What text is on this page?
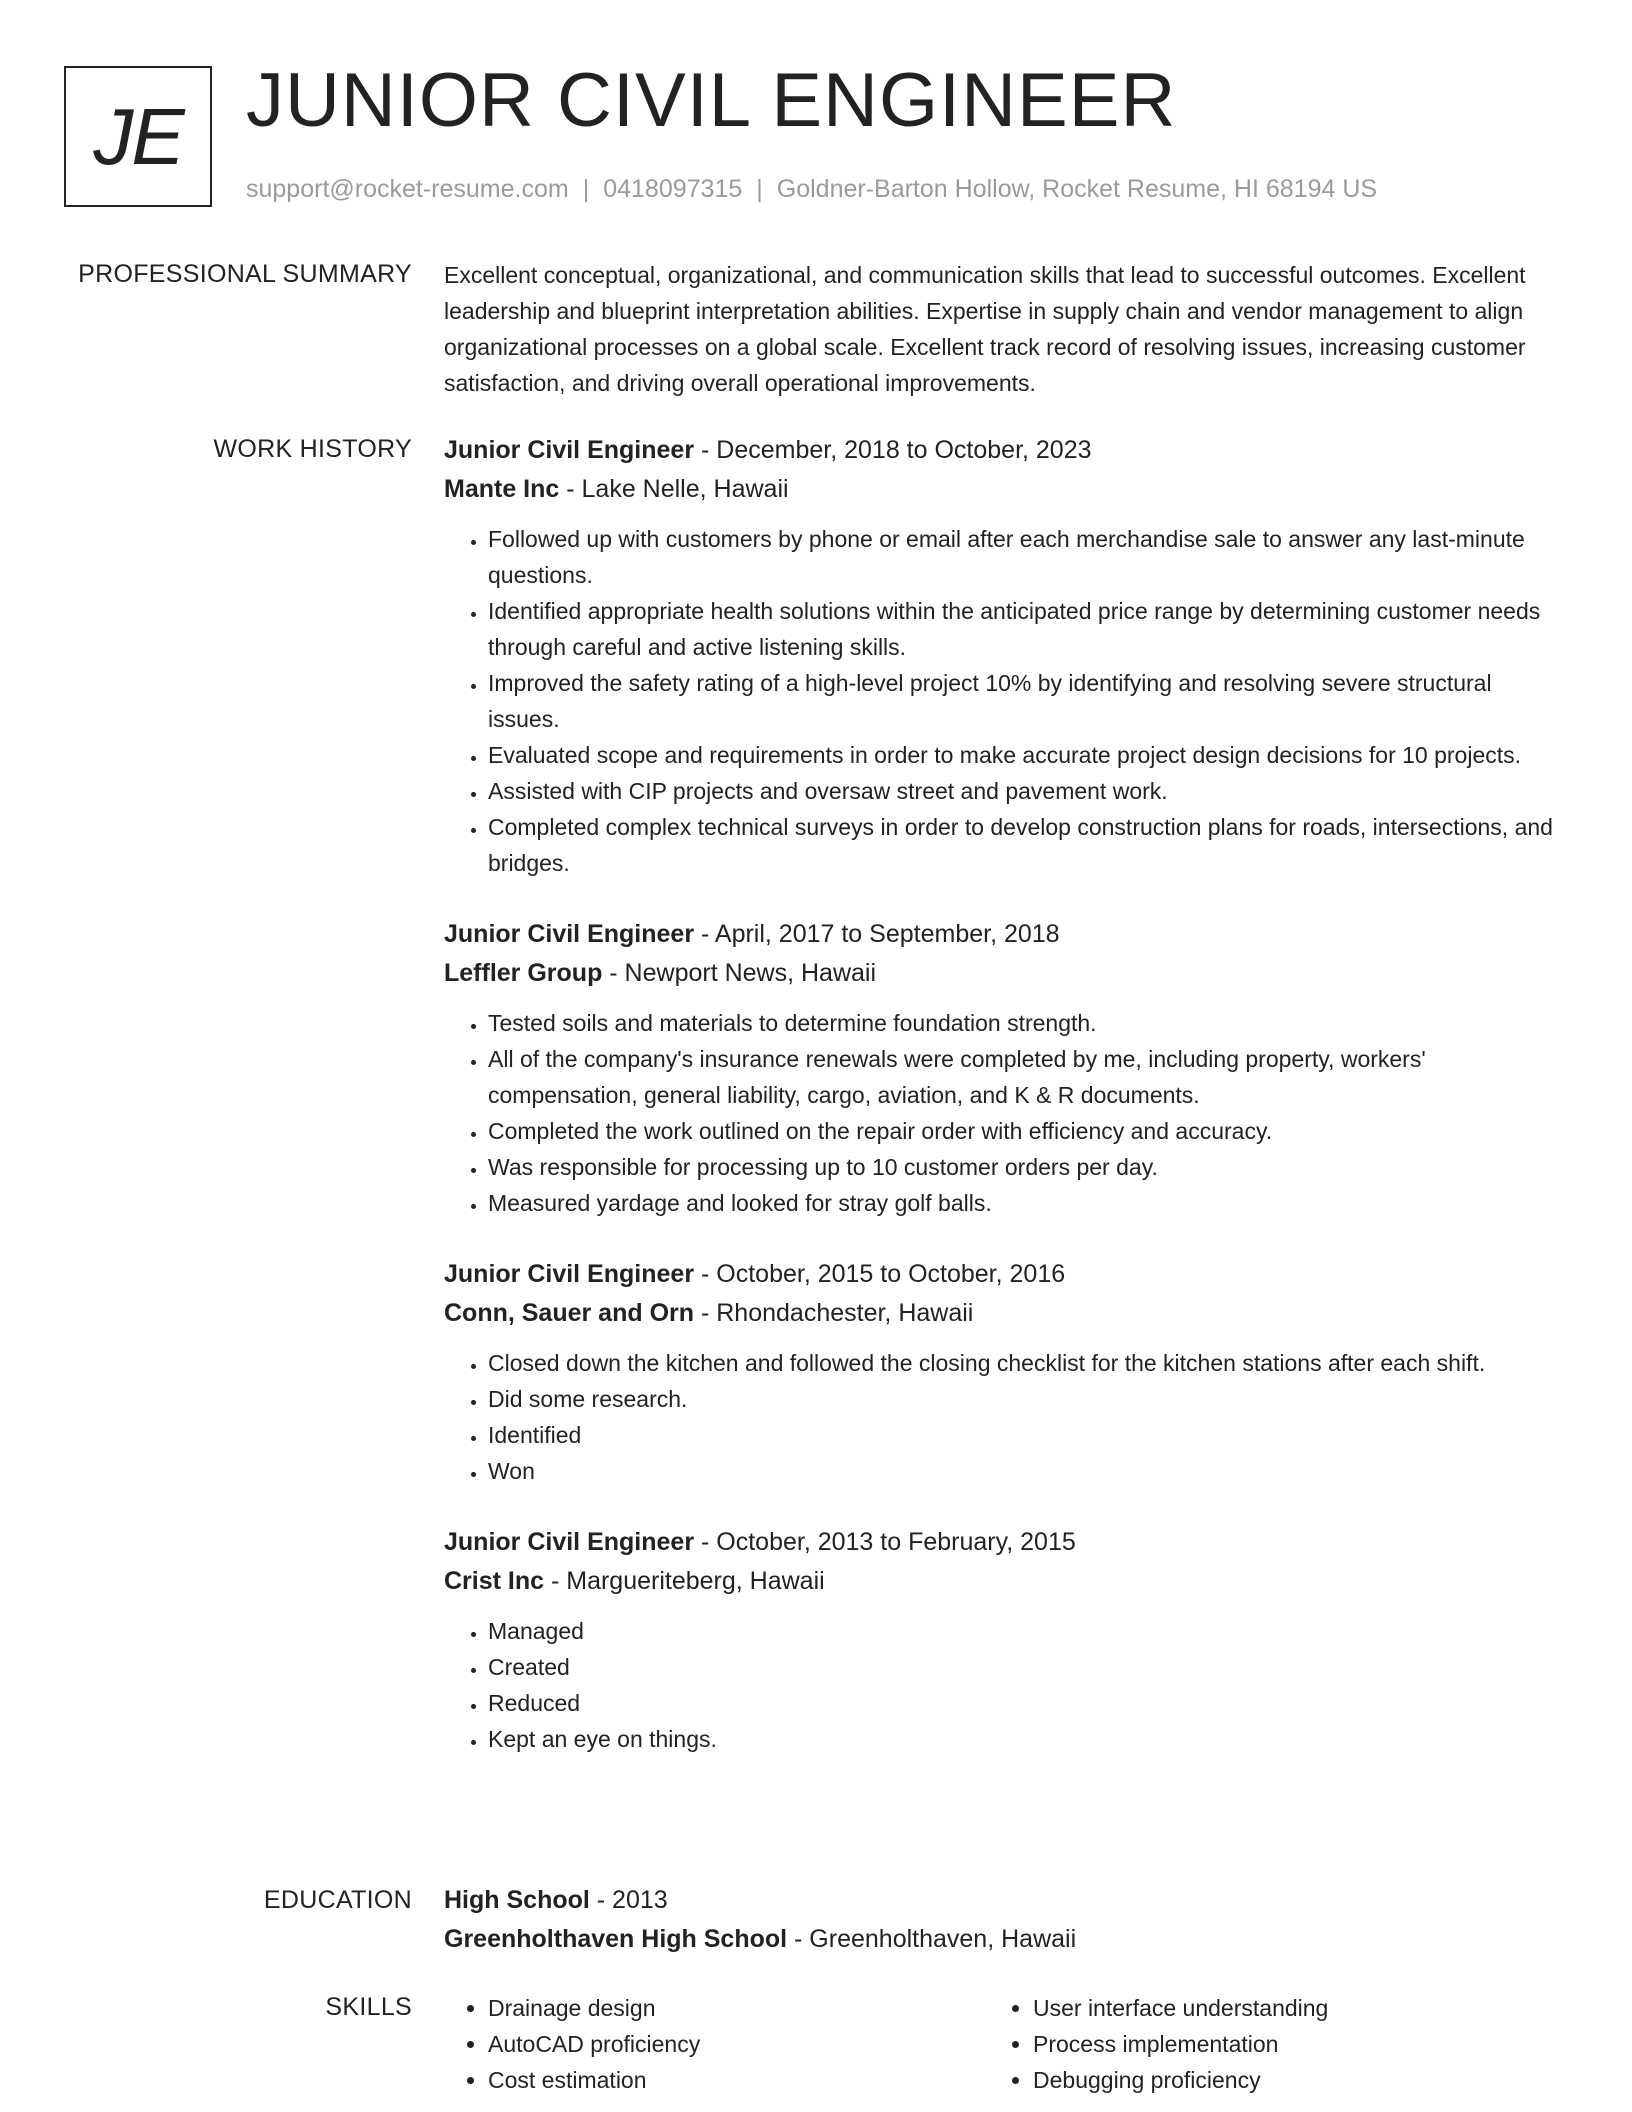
JE JUNIOR CIVIL ENGINEER
support@rocket-resume.com | 0418097315 | Goldner-Barton Hollow, Rocket Resume, HI 68194 US
PROFESSIONAL SUMMARY Excellent conceptual, organizational, and communication skills that lead to successful outcomes. Excellent leadership and blueprint interpretation abilities. Expertise in supply chain and vendor management to align organizational processes on a global scale. Excellent track record of resolving issues, increasing customer satisfaction, and driving overall operational improvements.

WORK HISTORY Junior Civil Engineer - December, 2018 to October, 2023
Mante Inc - Lake Nelle, Hawaii
• Followed up with customers by phone or email after each merchandise sale to answer any last-minute questions.
• Identified appropriate health solutions within the anticipated price range by determining customer needs through careful and active listening skills.
• Improved the safety rating of a high-level project 10% by identifying and resolving severe structural issues.
• Evaluated scope and requirements in order to make accurate project design decisions for 10 projects.
• Assisted with CIP projects and oversaw street and pavement work.
• Completed complex technical surveys in order to develop construction plans for roads, intersections, and bridges.
Junior Civil Engineer - April, 2017 to September, 2018
Leffler Group - Newport News, Hawaii
• Tested soils and materials to determine foundation strength.
• All of the company's insurance renewals were completed by me, including property, workers' compensation, general liability, cargo, aviation, and K & R documents.
• Completed the work outlined on the repair order with efficiency and accuracy.
• Was responsible for processing up to 10 customer orders per day.
• Measured yardage and looked for stray golf balls.
Junior Civil Engineer - October, 2015 to October, 2016
Conn, Sauer and Orn - Rhondachester, Hawaii
• Closed down the kitchen and followed the closing checklist for the kitchen stations after each shift.
• Did some research.
• Identified
• Won
Junior Civil Engineer - October, 2013 to February, 2015
Crist Inc - Margueriteberg, Hawaii
• Managed
• Created
• Reduced
• Kept an eye on things.
EDUCATION High School - 2013
Greenholthaven High School - Greenholthaven, Hawaii
SKILLS
•	Drainage design
• AutoCAD proficiency
• Cost estimation
• User interface understanding
• Process implementation
• Debugging proficiency
